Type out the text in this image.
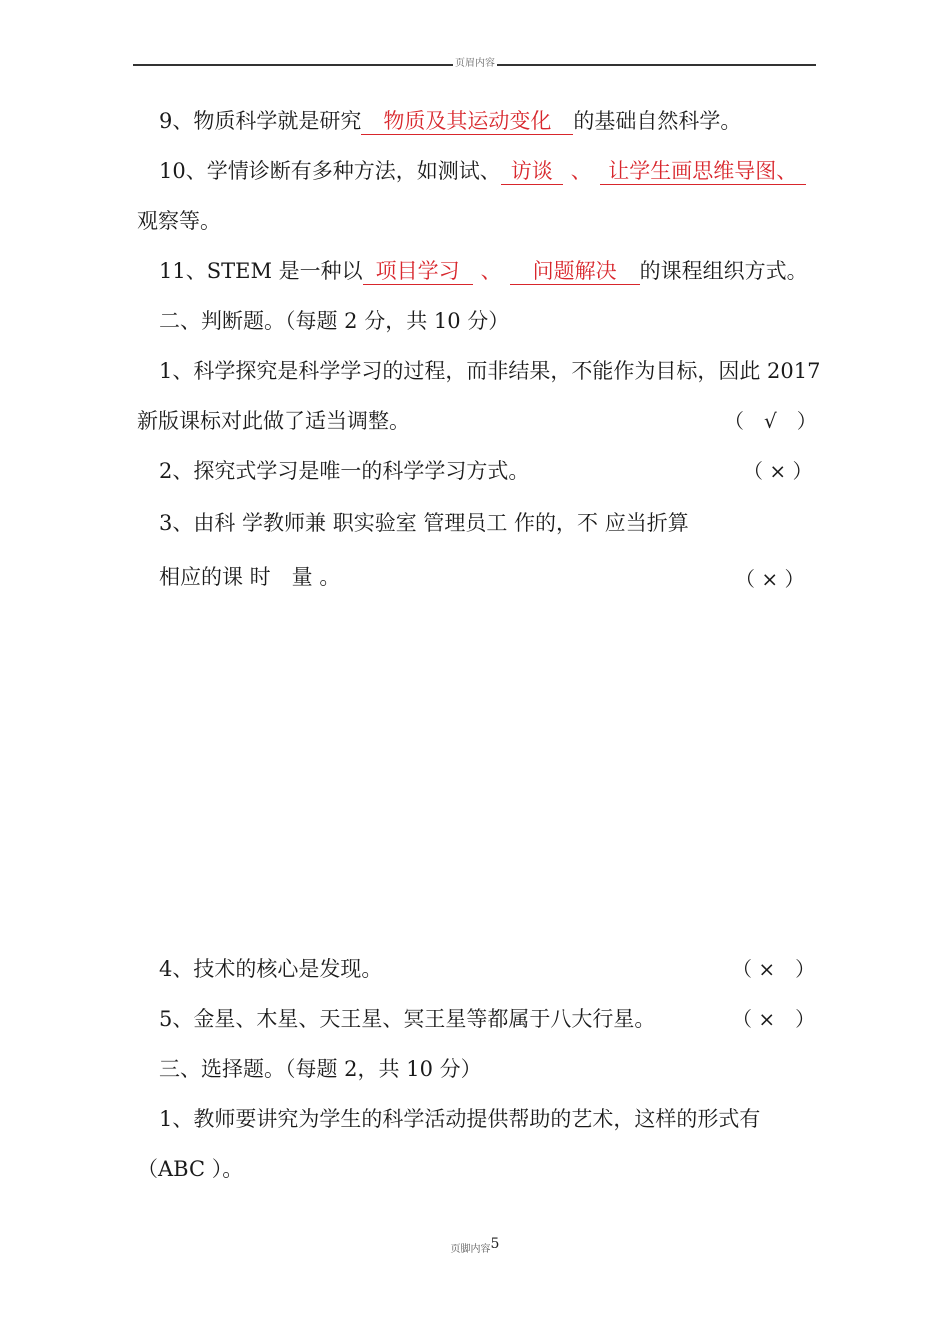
页眉内容
9、物质科学就是研究 物质及其运动变化 的基础自然科学。
10、学情诊断有多种方法，如测试、 访谈 、 让学生画思维导图、
观察等。
11、STEM 是一种以 项目学习 、 问题解决 的课程组织方式。
二、判断题。（每题 2 分，共 10 分）
1、科学探究是科学学习的过程，而非结果，不能作为目标，因此 2017
新版课标对此做了适当调整。	（　√　）
2、探究式学习是唯一的科学学习方式。	（ × ）
3、由科 学教师兼 职实验室 管理员工 作的，不 应当折算
相应的课 时　量 。	（ × ）
4、技术的核心是发现。	（ ×　）
5、金星、木星、天王星、冥王星等都属于八大行星。	（ ×　）
三、选择题。（每题 2，共 10 分）
1、教师要讲究为学生的科学活动提供帮助的艺术，这样的形式有
（ABC ）。
页脚内容5
